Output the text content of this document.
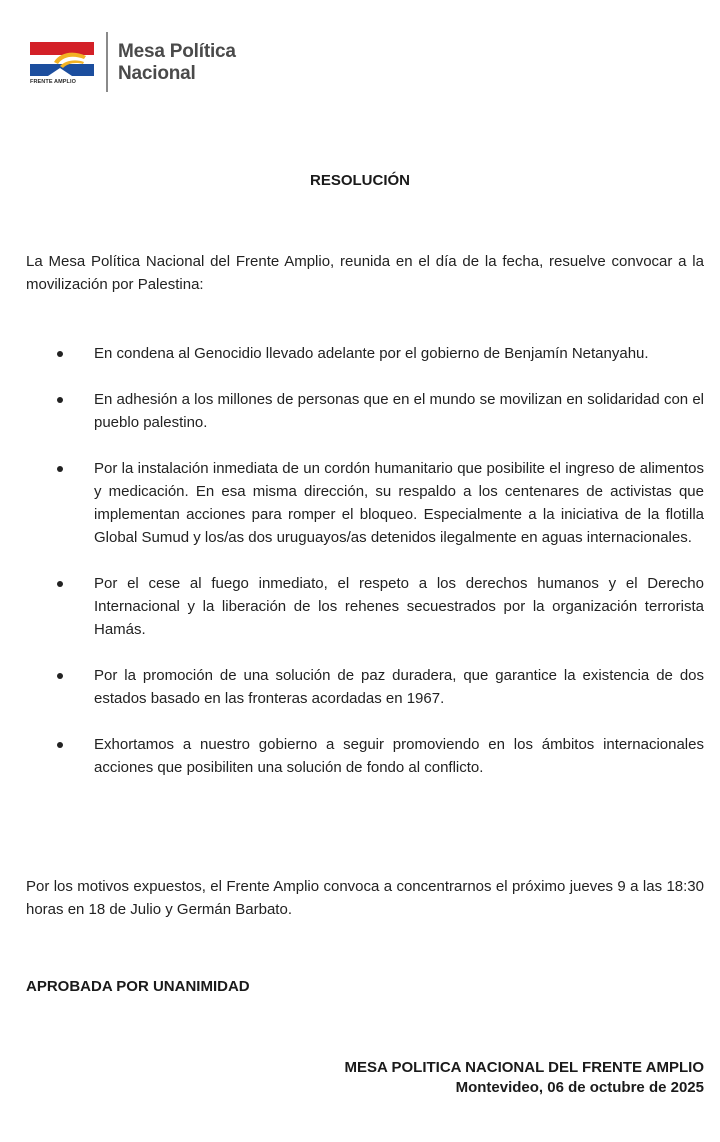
FRENTE AMPLIO
Mesa Política
Nacional
RESOLUCIÓN
La Mesa Política Nacional del Frente Amplio, reunida en el día de la fecha, resuelve convocar a la movilización por Palestina:
En condena al Genocidio llevado adelante por el gobierno de Benjamín Netanyahu.
En adhesión a los millones de personas que en el mundo se movilizan en solidaridad con el pueblo palestino.
Por la instalación inmediata de un cordón humanitario que posibilite el ingreso de alimentos y medicación. En esa misma dirección, su respaldo a los centenares de activistas que implementan acciones para romper el bloqueo. Especialmente a la iniciativa de la flotilla Global Sumud y los/as dos uruguayos/as detenidos ilegalmente en aguas internacionales.
Por el cese al fuego inmediato, el respeto a los derechos humanos y el Derecho Internacional y la liberación de los rehenes secuestrados por la organización terrorista Hamás.
Por la promoción de una solución de paz duradera, que garantice la existencia de dos estados basado en las fronteras acordadas en 1967.
Exhortamos a nuestro gobierno a seguir promoviendo en los ámbitos internacionales acciones que posibiliten una solución de fondo al conflicto.
Por los motivos expuestos, el Frente Amplio convoca a concentrarnos el próximo jueves 9 a las 18:30 horas en 18 de Julio y Germán Barbato.
APROBADA POR UNANIMIDAD
MESA POLITICA NACIONAL DEL FRENTE AMPLIO
Montevideo, 06 de octubre de 2025
